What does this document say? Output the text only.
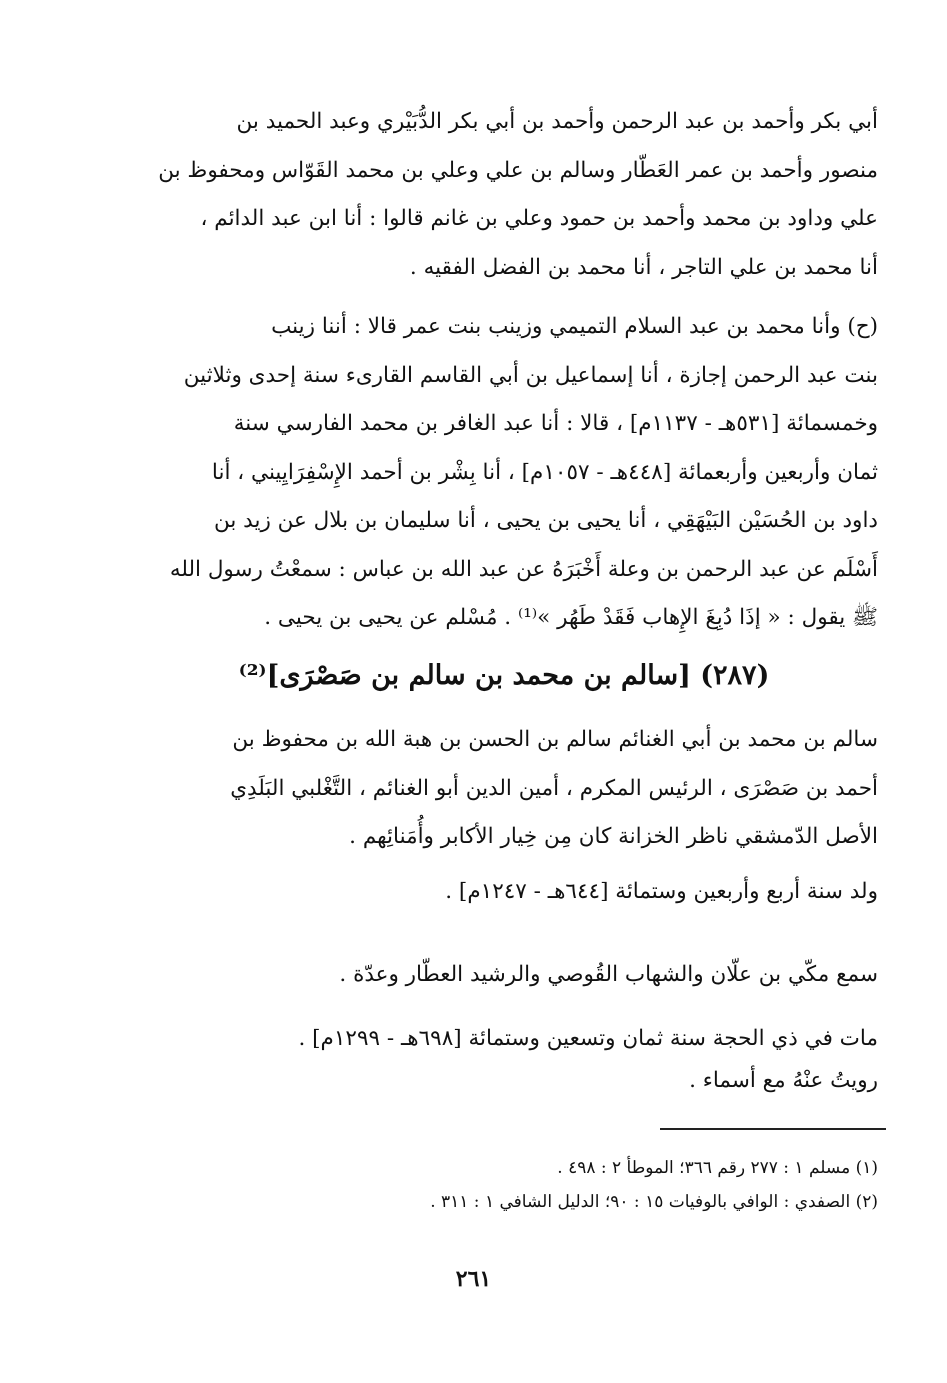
أبي بكر وأحمد بن عبد الرحمن وأحمد بن أبي بكر الدُّبَيْري وعبد الحميد بن

منصور وأحمد بن عمر العَطّار وسالم بن علي وعلي بن محمد القَوّاس ومحفوظ بن

علي وداود بن محمد وأحمد بن حمود وعلي بن غانم قالوا : أنا ابن عبد الدائم ،

أنا محمد بن علي التاجر ، أنا محمد بن الفضل الفقيه .

(ح) وأنا محمد بن عبد السلام التميمي وزينب بنت عمر قالا : أننا زينب

بنت عبد الرحمن إجازة ، أنا إسماعيل بن أبي القاسم القارىء سنة إحدى وثلاثين

وخمسمائة [٥٣١هـ - ١١٣٧م] ، قالا : أنا عبد الغافر بن محمد الفارسي سنة

ثمان وأربعين وأربعمائة [٤٤٨هـ - ١٠٥٧م] ، أنا بِشْر بن أحمد الإِسْفِرَايِيني ، أنا

داود بن الحُسَيْن البَيْهَقِي ، أنا يحيى بن يحيى ، أنا سليمان بن بلال عن زيد بن

أَسْلَم عن عبد الرحمن بن وعلة أَخْبَرَهُ عن عبد الله بن عباس : سمعْتُ رسول الله

ﷺ يقول : « إذَا دُبِغَ الإِهاب فَقَدْ طَهُر »⁽¹⁾ . مُسْلم عن يحيى بن يحيى .

(٢٨٧) [سالم بن محمد بن سالم بن صَصْرَى]⁽²⁾

سالم بن محمد بن أبي الغنائم سالم بن الحسن بن هبة الله بن محفوظ بن

أحمد بن صَصْرَى ، الرئيس المكرم ، أمين الدين أبو الغنائم ، التَّغْلبي البَلَدِي

الأصل الدّمشقي ناظر الخزانة كان مِن خِيار الأكابر وأُمَنائِهم .

ولد سنة أربع وأربعين وستمائة [٦٤٤هـ - ١٢٤٧م] .

سمع مكّي بن علّان والشهاب القُوصي والرشيد العطّار وعدّة .

مات في ذي الحجة سنة ثمان وتسعين وستمائة [٦٩٨هـ - ١٢٩٩م] .

رويتُ عنْهُ مع أسماء .

(١) مسلم ١ : ٢٧٧ رقم ٣٦٦؛ الموطأ ٢ : ٤٩٨ .
(٢) الصفدي : الوافي بالوفيات ١٥ : ٩٠؛ الدليل الشافي ١ : ٣١١ .
٢٦١
